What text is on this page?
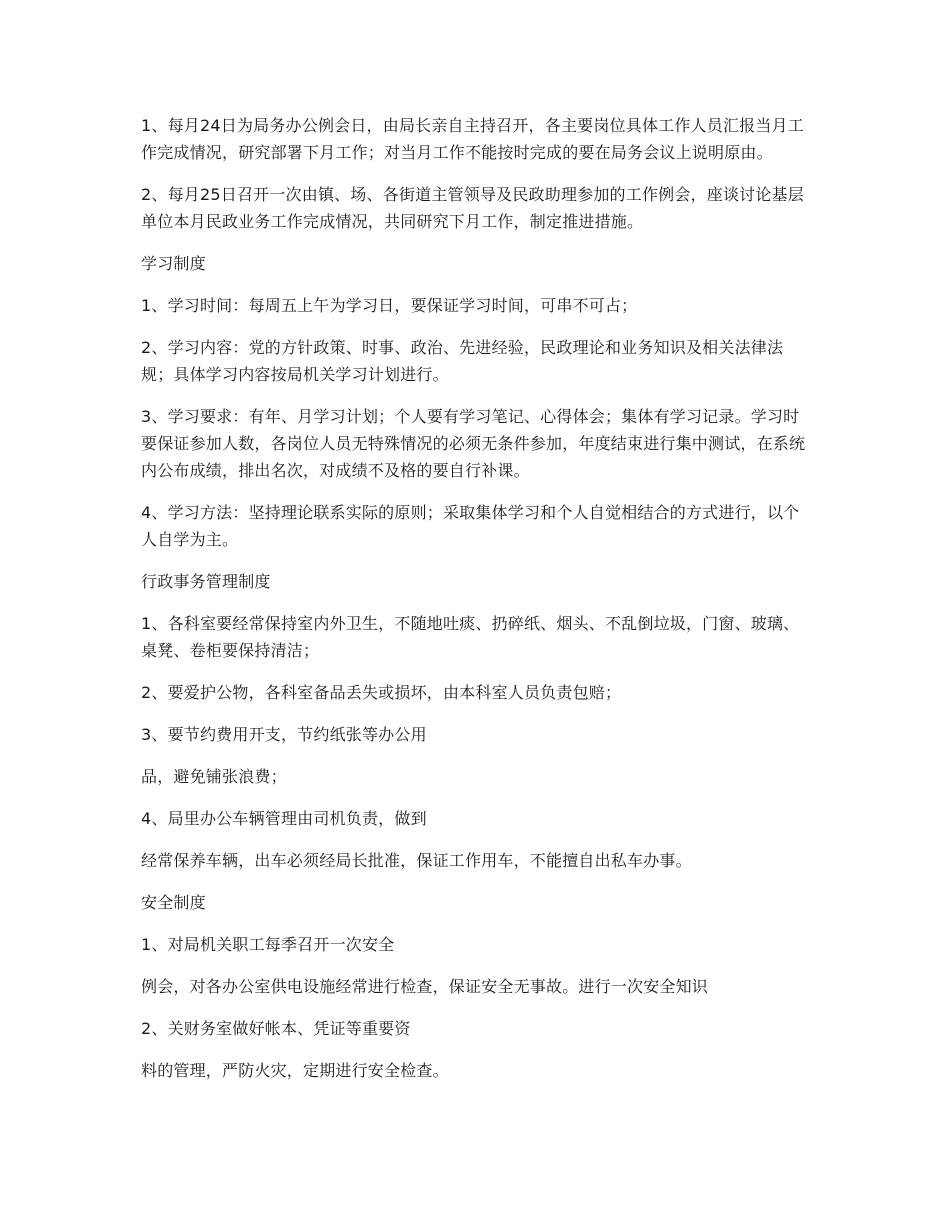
1、每月24日为局务办公例会日，由局长亲自主持召开，各主要岗位具体工作人员汇报当月工作完成情况，研究部署下月工作；对当月工作不能按时完成的要在局务会议上说明原由。

2、每月25日召开一次由镇、场、各街道主管领导及民政助理参加的工作例会，座谈讨论基层单位本月民政业务工作完成情况，共同研究下月工作，制定推进措施。

学习制度

1、学习时间：每周五上午为学习日，要保证学习时间，可串不可占；

2、学习内容：党的方针政策、时事、政治、先进经验，民政理论和业务知识及相关法律法规；具体学习内容按局机关学习计划进行。

3、学习要求：有年、月学习计划；个人要有学习笔记、心得体会；集体有学习记录。学习时要保证参加人数，各岗位人员无特殊情况的必须无条件参加，年度结束进行集中测试，在系统内公布成绩，排出名次，对成绩不及格的要自行补课。

4、学习方法：坚持理论联系实际的原则；采取集体学习和个人自觉相结合的方式进行，以个人自学为主。

行政事务管理制度

1、各科室要经常保持室内外卫生，不随地吐痰、扔碎纸、烟头、不乱倒垃圾，门窗、玻璃、桌凳、卷柜要保持清洁；

2、要爱护公物，各科室备品丢失或损坏，由本科室人员负责包赔；

3、要节约费用开支，节约纸张等办公用

品，避免铺张浪费；

4、局里办公车辆管理由司机负责，做到

经常保养车辆，出车必须经局长批准，保证工作用车，不能擅自出私车办事。

安全制度

1、对局机关职工每季召开一次安全

例会，对各办公室供电设施经常进行检查，保证安全无事故。进行一次安全知识

2、关财务室做好帐本、凭证等重要资

料的管理，严防火灾，定期进行安全检查。
